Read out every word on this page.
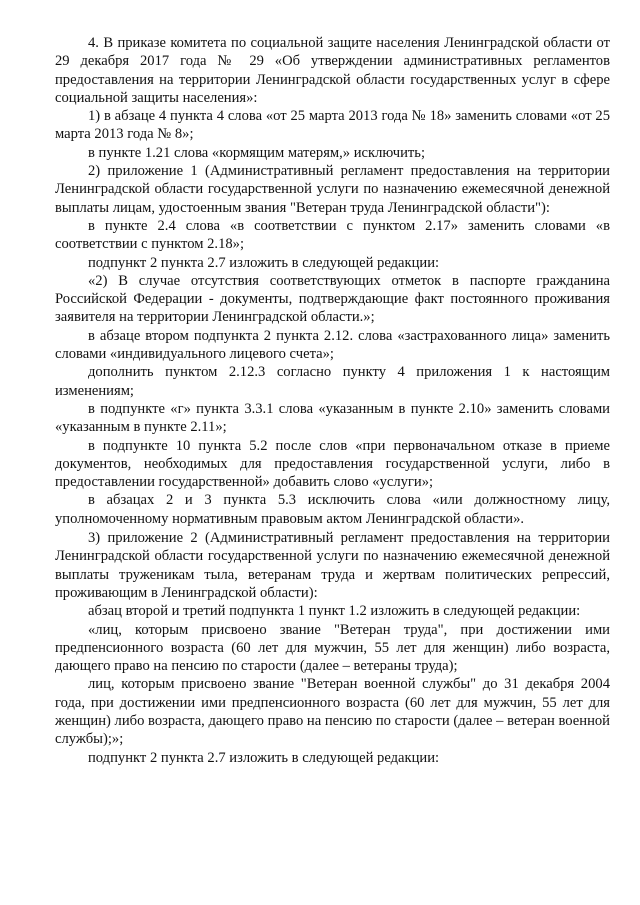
4. В приказе комитета по социальной защите населения Ленинградской области от 29 декабря 2017 года № 29 «Об утверждении административных регламентов предоставления на территории Ленинградской области государственных услуг в сфере социальной защиты населения»:

1) в абзаце 4 пункта 4 слова «от 25 марта 2013 года № 18» заменить словами «от 25 марта 2013 года № 8»;

в пункте 1.21 слова «кормящим матерям,» исключить;

2) приложение 1 (Административный регламент предоставления на территории Ленинградской области государственной услуги по назначению ежемесячной денежной выплаты лицам, удостоенным звания "Ветеран труда Ленинградской области"):

в пункте 2.4 слова «в соответствии с пунктом 2.17» заменить словами «в соответствии с пунктом 2.18»;

подпункт 2 пункта 2.7 изложить в следующей редакции:

«2) В случае отсутствия соответствующих отметок в паспорте гражданина Российской Федерации - документы, подтверждающие факт постоянного проживания заявителя на территории Ленинградской области.»;

в абзаце втором подпункта 2 пункта 2.12. слова «застрахованного лица» заменить словами «индивидуального лицевого счета»;

дополнить пунктом 2.12.3 согласно пункту 4 приложения 1 к настоящим изменениям;

в подпункте «г» пункта 3.3.1 слова «указанным в пункте 2.10» заменить словами «указанным в пункте 2.11»;

в подпункте 10 пункта 5.2 после слов «при первоначальном отказе в приеме документов, необходимых для предоставления государственной услуги, либо в предоставлении государственной» добавить слово «услуги»;

в абзацах 2 и 3 пункта 5.3 исключить слова «или должностному лицу, уполномоченному нормативным правовым актом Ленинградской области».

3) приложение 2 (Административный регламент предоставления на территории Ленинградской области государственной услуги по назначению ежемесячной денежной выплаты труженикам тыла, ветеранам труда и жертвам политических репрессий, проживающим в Ленинградской области):

абзац второй и третий подпункта 1 пункт 1.2 изложить в следующей редакции:

«лиц, которым присвоено звание "Ветеран труда", при достижении ими предпенсионного возраста (60 лет для мужчин, 55 лет для женщин) либо возраста, дающего право на пенсию по старости (далее – ветераны труда);

лиц, которым присвоено звание "Ветеран военной службы" до 31 декабря 2004 года, при достижении ими предпенсионного возраста (60 лет для мужчин, 55 лет для женщин) либо возраста, дающего право на пенсию по старости (далее – ветеран военной службы);»;

подпункт 2 пункта 2.7 изложить в следующей редакции:
